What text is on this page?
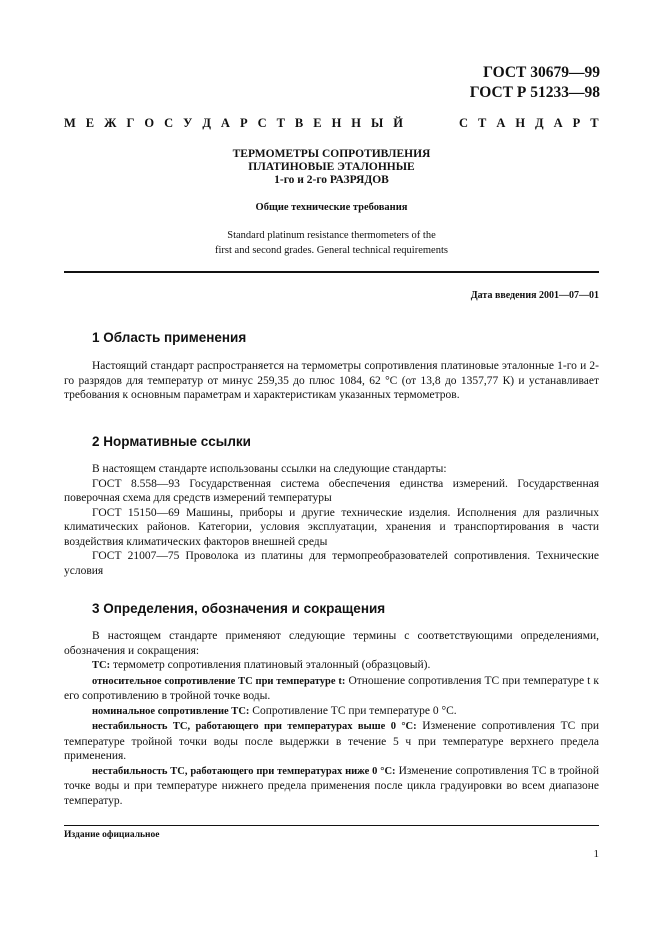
ГОСТ 30679—99
ГОСТ Р 51233—98
М Е Ж Г О С У Д А Р С Т В Е Н Н Ы Й	С Т А Н Д А Р Т
ТЕРМОМЕТРЫ СОПРОТИВЛЕНИЯ
ПЛАТИНОВЫЕ ЭТАЛОННЫЕ
1-го и 2-го РАЗРЯДОВ
Общие технические требования
Standard platinum resistance thermometers of the
first and second grades. General technical requirements
Дата введения 2001—07—01
1 Область применения

Настоящий стандарт распространяется на термометры сопротивления платиновые эталонные 1-го и 2-го разрядов для температур от минус 259,35 до плюс 1084, 62 °С (от 13,8 до 1357,77 К) и устанавливает требования к основным параметрам и характеристикам указанных термометров.

2 Нормативные ссылки

В настоящем стандарте использованы ссылки на следующие стандарты:

ГОСТ 8.558—93 Государственная система обеспечения единства измерений. Государственная поверочная схема для средств измерений температуры

ГОСТ 15150—69 Машины, приборы и другие технические изделия. Исполнения для различных климатических районов. Категории, условия эксплуатации, хранения и транспортирования в части воздействия климатических факторов внешней среды

ГОСТ 21007—75 Проволока из платины для термопреобразователей сопротивления. Технические условия

3 Определения, обозначения и сокращения

В настоящем стандарте применяют следующие термины с соответствующими определениями, обозначения и сокращения:

ТС: термометр сопротивления платиновый эталонный (образцовый).

относительное сопротивление ТС при температуре t: Отношение сопротивления ТС при температуре t к его сопротивлению в тройной точке воды.

номинальное сопротивление ТС: Сопротивление ТС при температуре 0 °С.

нестабильность ТС, работающего при температурах выше 0 °С: Изменение сопротивления ТС при температуре тройной точки воды после выдержки в течение 5 ч при температуре верхнего предела применения.

нестабильность ТС, работающего при температурах ниже 0 °С: Изменение сопротивления ТС в тройной точке воды и при температуре нижнего предела применения после цикла градуировки во всем диапазоне температур.

Издание официальное
1
